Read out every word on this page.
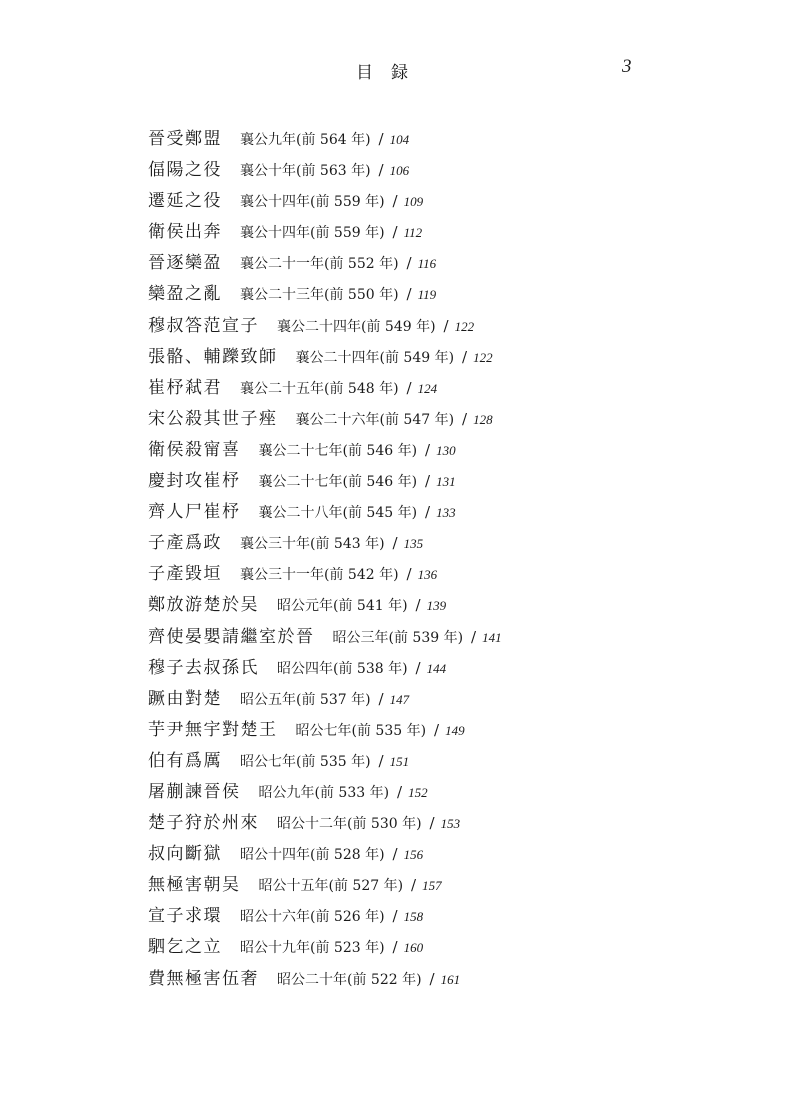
目録	3
晉受鄭盟 襄公九年(前 564 年) / 104
偪陽之役 襄公十年(前 563 年) / 106
遷延之役 襄公十四年(前 559 年) / 109
衛侯出奔 襄公十四年(前 559 年) / 112
晉逐欒盈 襄公二十一年(前 552 年) / 116
欒盈之亂 襄公二十三年(前 550 年) / 119
穆叔答范宣子 襄公二十四年(前 549 年) / 122
張骼、輔躒致師 襄公二十四年(前 549 年) / 122
崔杼弒君 襄公二十五年(前 548 年) / 124
宋公殺其世子痤 襄公二十六年(前 547 年) / 128
衛侯殺甯喜 襄公二十七年(前 546 年) / 130
慶封攻崔杼 襄公二十七年(前 546 年) / 131
齊人尸崔杼 襄公二十八年(前 545 年) / 133
子產爲政 襄公三十年(前 543 年) / 135
子產毀垣 襄公三十一年(前 542 年) / 136
鄭放游楚於吴 昭公元年(前 541 年) / 139
齊使晏嬰請繼室於晉 昭公三年(前 539 年) / 141
穆子去叔孫氏 昭公四年(前 538 年) / 144
蹶由對楚 昭公五年(前 537 年) / 147
芋尹無宇對楚王 昭公七年(前 535 年) / 149
伯有爲厲 昭公七年(前 535 年) / 151
屠蒯諫晉侯 昭公九年(前 533 年) / 152
楚子狩於州來 昭公十二年(前 530 年) / 153
叔向斷獄 昭公十四年(前 528 年) / 156
無極害朝吴 昭公十五年(前 527 年) / 157
宣子求環 昭公十六年(前 526 年) / 158
駟乞之立 昭公十九年(前 523 年) / 160
費無極害伍奢 昭公二十年(前 522 年) / 161
